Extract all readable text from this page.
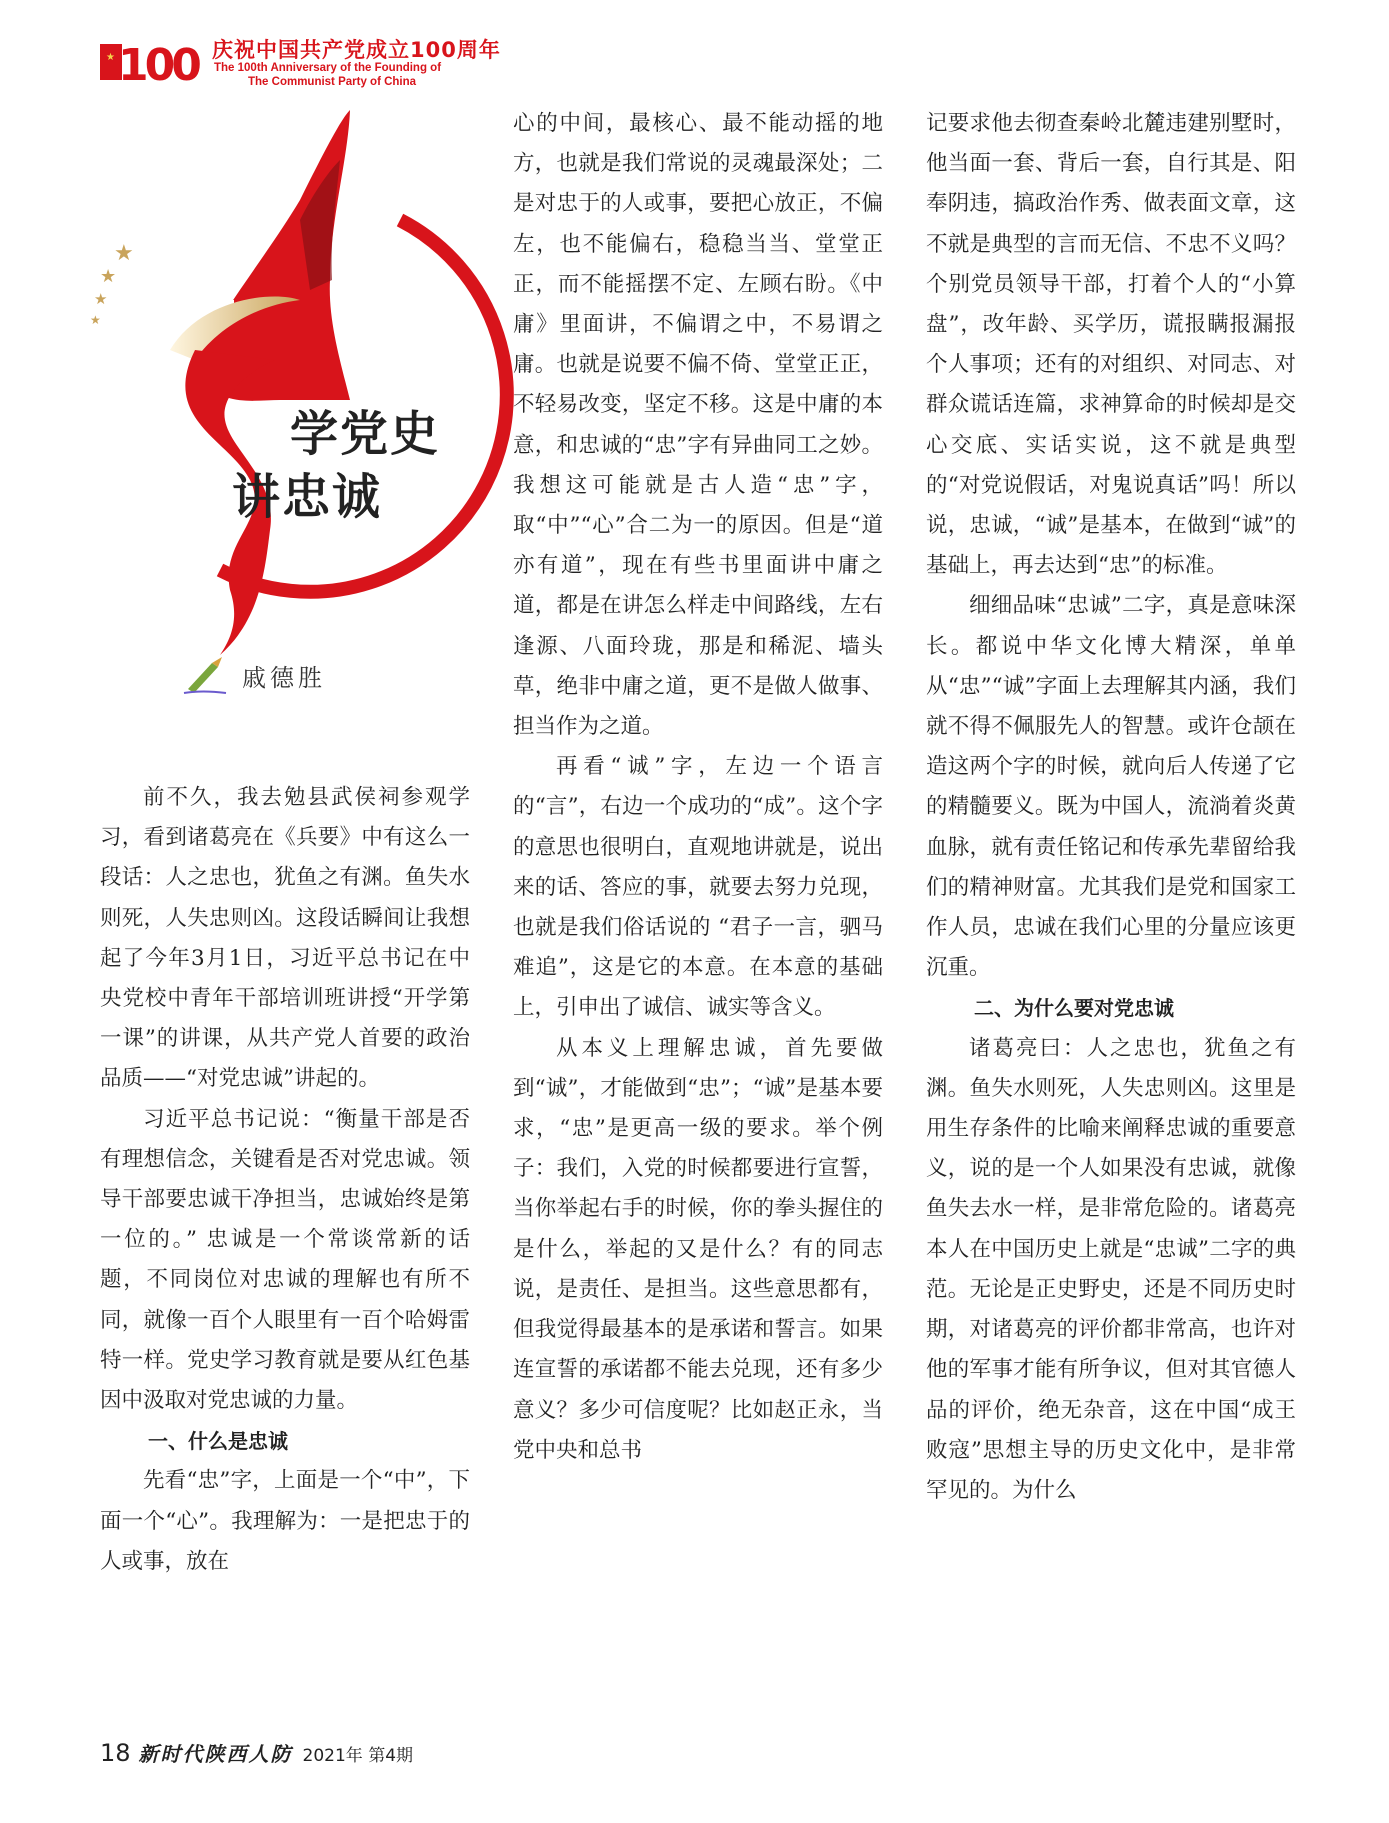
★ 100 庆祝中国共产党成立100周年
The 100th Anniversary of the Founding of
The Communist Party of China
★
★
★
★
学党史
讲忠诚
戚德胜

前不久，我去勉县武侯祠参观学习，看到诸葛亮在《兵要》中有这么一段话：人之忠也，犹鱼之有渊。鱼失水则死，人失忠则凶。这段话瞬间让我想起了今年3月1日，习近平总书记在中央党校中青年干部培训班讲授“开学第一课”的讲课，从共产党人首要的政治品质——“对党忠诚”讲起的。

习近平总书记说：“衡量干部是否有理想信念，关键看是否对党忠诚。领导干部要忠诚干净担当，忠诚始终是第一位的。” 忠诚是一个常谈常新的话题，不同岗位对忠诚的理解也有所不同，就像一百个人眼里有一百个哈姆雷特一样。党史学习教育就是要从红色基因中汲取对党忠诚的力量。

一、什么是忠诚

先看“忠”字，上面是一个“中”，下面一个“心”。我理解为：一是把忠于的人或事，放在

心的中间，最核心、最不能动摇的地方，也就是我们常说的灵魂最深处；二是对忠于的人或事，要把心放正，不偏左，也不能偏右，稳稳当当、堂堂正正，而不能摇摆不定、左顾右盼。《中庸》里面讲，不偏谓之中，不易谓之庸。也就是说要不偏不倚、堂堂正正，不轻易改变，坚定不移。这是中庸的本意，和忠诚的“忠”字有异曲同工之妙。我想这可能就是古人造“忠”字，取“中”“心”合二为一的原因。但是“道亦有道”，现在有些书里面讲中庸之道，都是在讲怎么样走中间路线，左右逢源、八面玲珑，那是和稀泥、墙头草，绝非中庸之道，更不是做人做事、担当作为之道。

再看“诚”字，左边一个语言的“言”，右边一个成功的“成”。这个字的意思也很明白，直观地讲就是，说出来的话、答应的事，就要去努力兑现，也就是我们俗话说的 “君子一言，驷马难追”，这是它的本意。在本意的基础上，引申出了诚信、诚实等含义。

从本义上理解忠诚，首先要做到“诚”，才能做到“忠”；“诚”是基本要求，“忠”是更高一级的要求。举个例子：我们，入党的时候都要进行宣誓，当你举起右手的时候，你的拳头握住的是什么，举起的又是什么？有的同志说，是责任、是担当。这些意思都有，但我觉得最基本的是承诺和誓言。如果连宣誓的承诺都不能去兑现，还有多少意义？多少可信度呢？比如赵正永，当党中央和总书

记要求他去彻查秦岭北麓违建别墅时，他当面一套、背后一套，自行其是、阳奉阴违，搞政治作秀、做表面文章，这不就是典型的言而无信、不忠不义吗？个别党员领导干部，打着个人的“小算盘”，改年龄、买学历，谎报瞒报漏报个人事项；还有的对组织、对同志、对群众谎话连篇，求神算命的时候却是交心交底、实话实说，这不就是典型的“对党说假话，对鬼说真话”吗！所以说，忠诚，“诚”是基本，在做到“诚”的基础上，再去达到“忠”的标准。

细细品味“忠诚”二字，真是意味深长。都说中华文化博大精深，单单从“忠”“诚”字面上去理解其内涵，我们就不得不佩服先人的智慧。或许仓颉在造这两个字的时候，就向后人传递了它的精髓要义。既为中国人，流淌着炎黄血脉，就有责任铭记和传承先辈留给我们的精神财富。尤其我们是党和国家工作人员，忠诚在我们心里的分量应该更沉重。

二、为什么要对党忠诚

诸葛亮曰：人之忠也，犹鱼之有渊。鱼失水则死，人失忠则凶。这里是用生存条件的比喻来阐释忠诚的重要意义，说的是一个人如果没有忠诚，就像鱼失去水一样，是非常危险的。诸葛亮本人在中国历史上就是“忠诚”二字的典范。无论是正史野史，还是不同历史时期，对诸葛亮的评价都非常高，也许对他的军事才能有所争议，但对其官德人品的评价，绝无杂音，这在中国“成王败寇”思想主导的历史文化中，是非常罕见的。为什么

18 新时代陕西人防 2021年 第4期
